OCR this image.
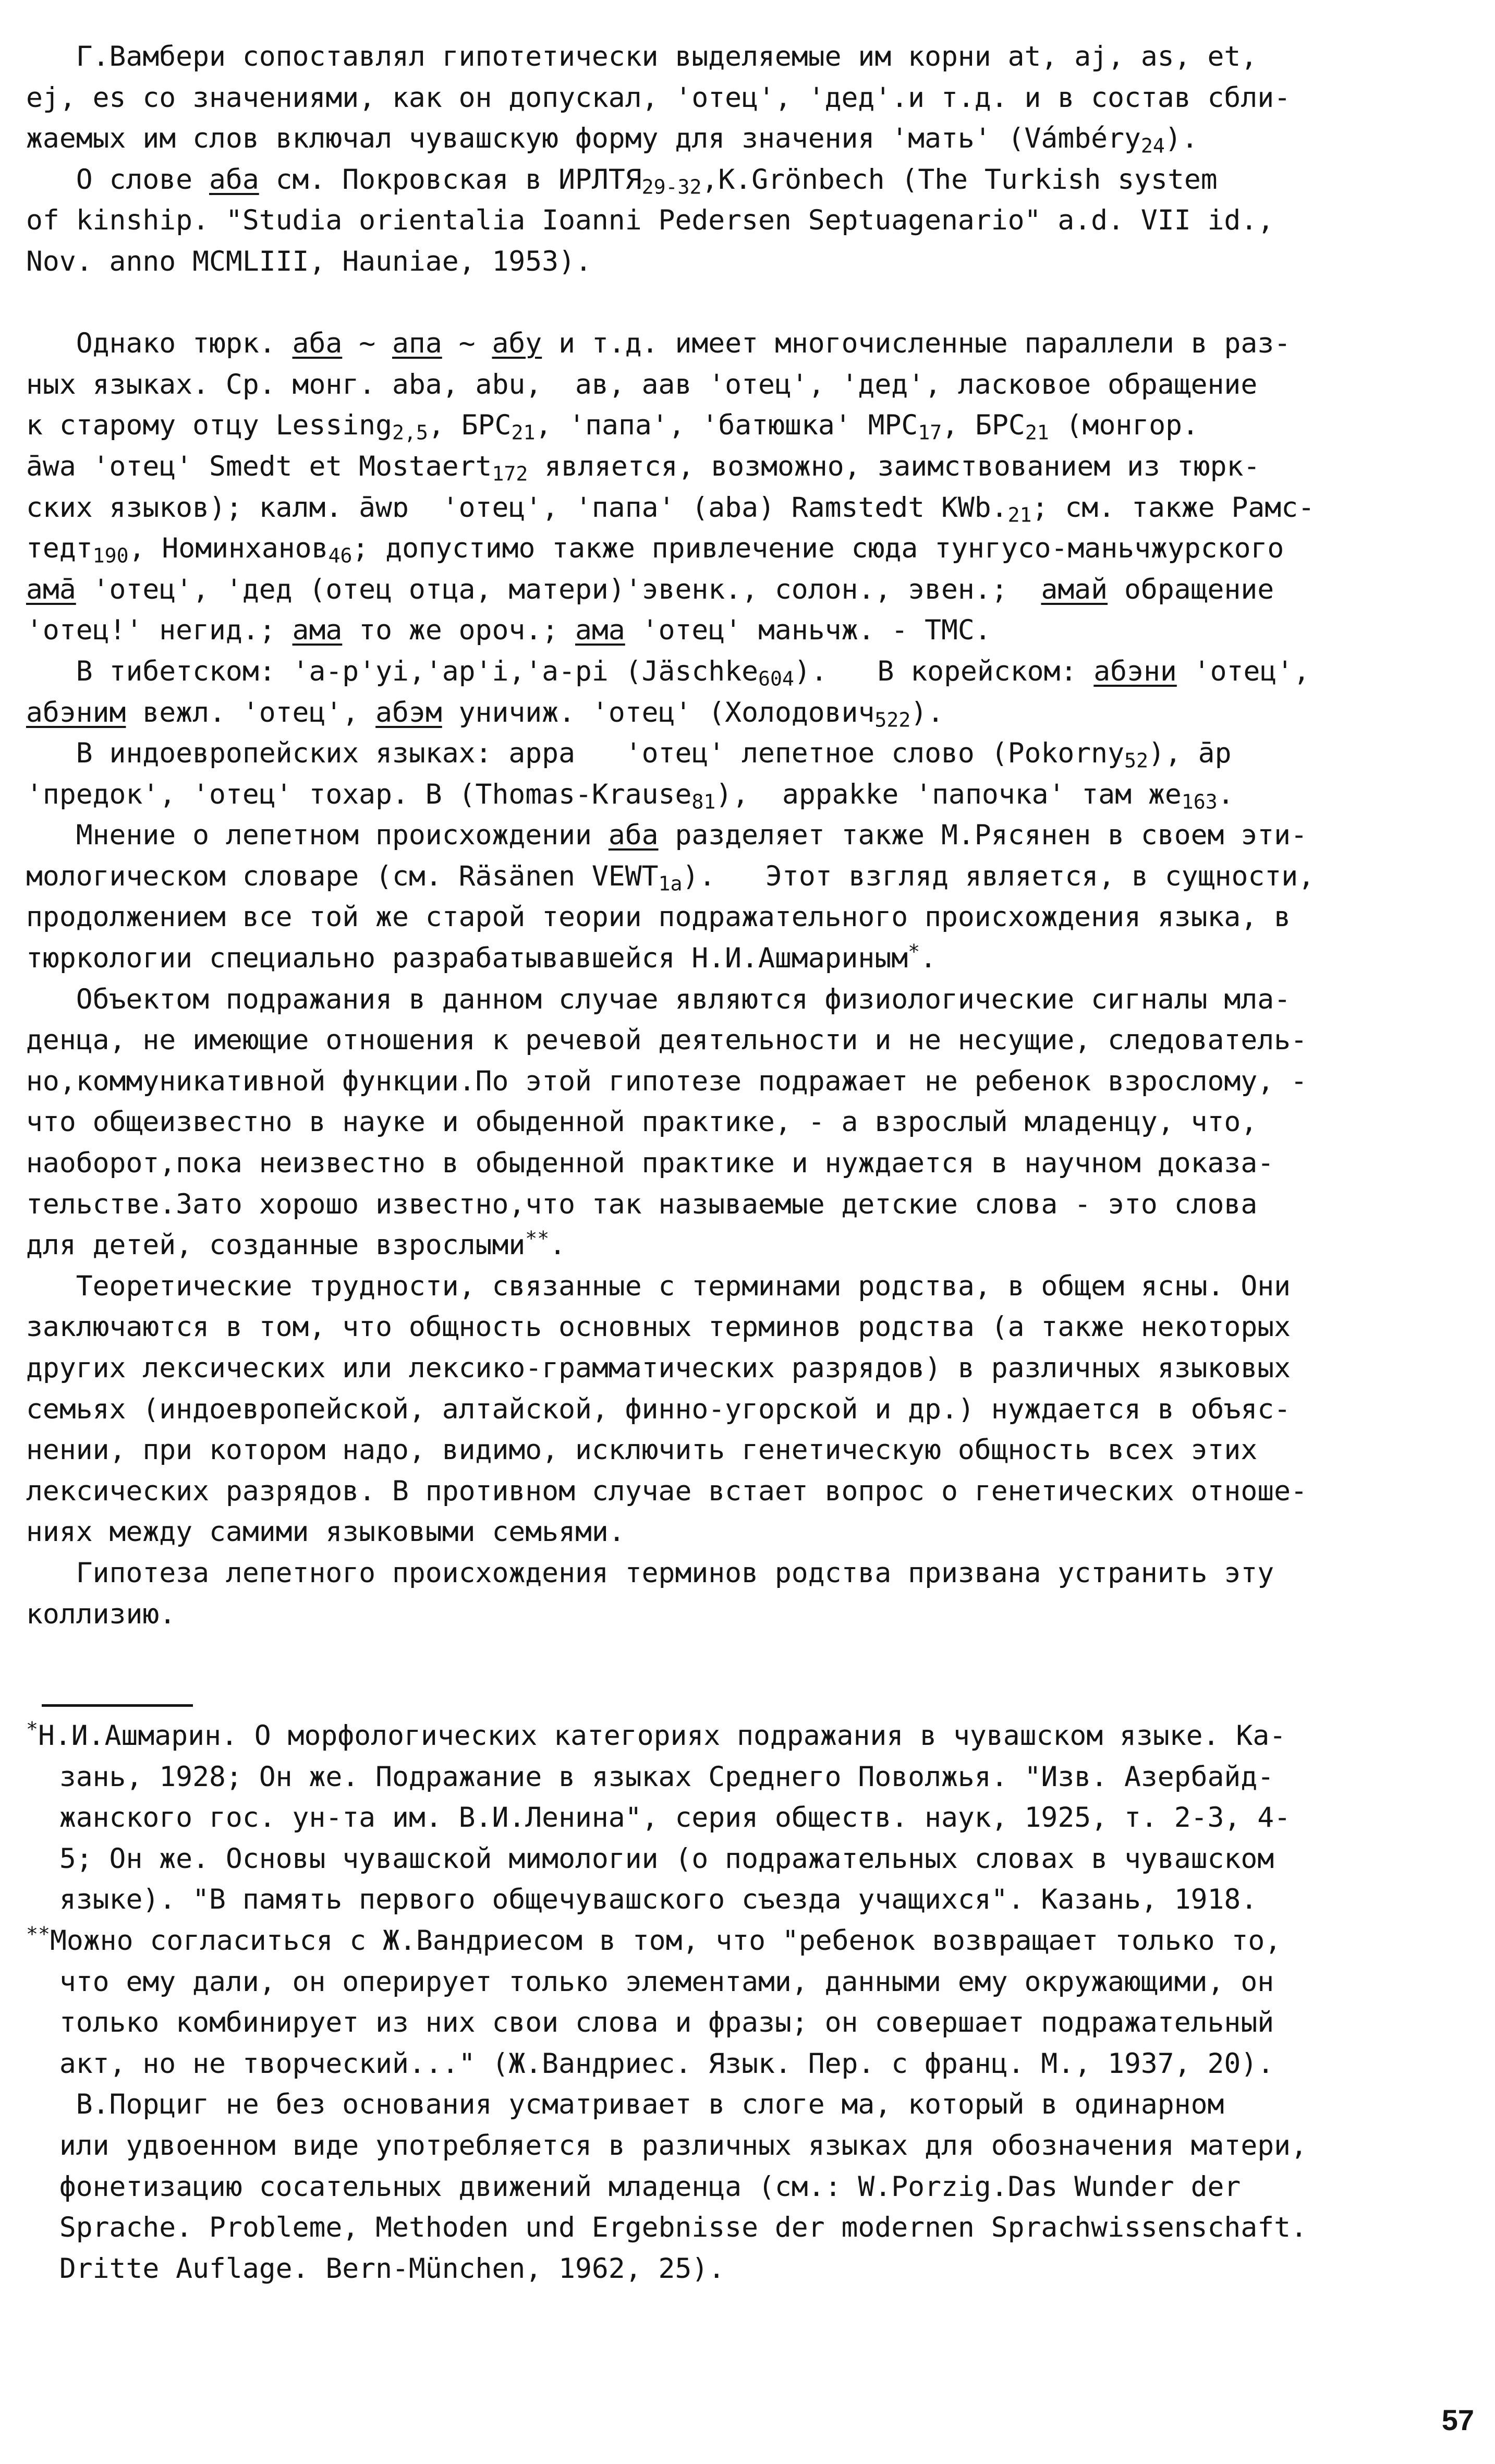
Г.Вамбери сопоставлял гипотетически выделяемые им корни at, aj, as, et,

ej, es со значениями, как он допускал, 'отец', 'дед'.и т.д. и в состав сбли-

жаемых им слов включал чувашскую форму для значения 'мать' (Vámbéry$_{24}$).

О слове аба см. Покровская в $ИРЛТЯ_{29-32},K.Grönbech$ (The Turkish system

of kinship. "Studia orientalia Ioanni Pedersen Septuagenario" a.d. VII id.,

Nov. anno MCMLIII, Hauniae, 1953).

Однако тюрк. аба ~ апа ~ абу и т.д. имеет многочисленные параллели в раз-

ных языках. Ср. монг. aba, abu,  ав, аав 'отец', 'дед', ласковое обращение

к старому отцу Lessing$_{2,5}$, $БРС_{21}$, 'папа', 'батюшка' $МРС_{17}$, $БРС_{21}$ (монгор.

āwa 'отец' Smedt et Mostaert$_{172}$ является, возможно, заимствованием из тюрк-

ских языков); калм. āwɒ  'отец', 'папа' (aba) Ramstedt $KWb._{21}$; см. также Рамс-

тедт$_{190}$, Номинханов$_{46}$; допустимо также привлечение сюда тунгусо-маньчжурского

амā 'отец', 'дед (отец отца, матери)'эвенк., солон., эвен.;  амай обращение

'отец!' негид.; ама то же ороч.; ама 'отец' маньчж. - ТМС.

В тибетском: 'a-p'yi,'ap'i,'a-pi (Jäschke$_{604}$).   В корейском: абэни 'отец',

абэним вежл. 'отец', абэм уничиж. 'отец' (Холодович$_{522}$).

В индоевропейских языках: appa   'отец' лепетное слово (Pokorny$_{52}$), āp

'предок', 'отец' тохар. В (Thomas-Krause$_{81}$),  appakke 'папочка' там $же_{163}$.

Мнение о лепетном происхождении аба разделяет также М.Рясянен в своем эти-

мологическом словаре (см. Räsänen $VEWT_{1a}$).   Этот взгляд является, в сущности,

продолжением все той же старой теории подражательного происхождения языка, в

тюркологии специально разрабатывавшейся Н.И.Ашмариным*.

Объектом подражания в данном случае являются физиологические сигналы мла-

денца, не имеющие отношения к речевой деятельности и не несущие, следователь-

но,коммуникативной функции.По этой гипотезе подражает не ребенок взрослому, -

что общеизвестно в науке и обыденной практике, - а взрослый младенцу, что,

наоборот,пока неизвестно в обыденной практике и нуждается в научном доказа-

тельстве.Зато хорошо известно,что так называемые детские слова - это слова

для детей, созданные взрослыми**.

Теоретические трудности, связанные с терминами родства, в общем ясны. Они

заключаются в том, что общность основных терминов родства (а также некоторых

других лексических или лексико-грамматических разрядов) в различных языковых

семьях (индоевропейской, алтайской, финно-угорской и др.) нуждается в объяс-

нении, при котором надо, видимо, исключить генетическую общность всех этих

лексических разрядов. В противном случае встает вопрос о генетических отноше-

ниях между самими языковыми семьями.

Гипотеза лепетного происхождения терминов родства призвана устранить эту

коллизию.

*Н.И.Ашмарин. О морфологических категориях подражания в чувашском языке. Ка-

зань, 1928; Он же. Подражание в языках Среднего Поволжья. "Изв. Азербайд-

жанского гос. ун-та им. В.И.Ленина", серия обществ. наук, 1925, т. 2-3, 4-

5; Он же. Основы чувашской мимологии (о подражательных словах в чувашском

языке). "В память первого общечувашского съезда учащихся". Казань, 1918.

**Можно согласиться с Ж.Вандриесом в том, что "ребенок возвращает только то,

что ему дали, он оперирует только элементами, данными ему окружающими, он

только комбинирует из них свои слова и фразы; он совершает подражательный

акт, но не творческий..." (Ж.Вандриес. Язык. Пер. с франц. М., 1937, 20).

В.Порциг не без основания усматривает в слоге ма, который в одинарном

или удвоенном виде употребляется в различных языках для обозначения матери,

фонетизацию сосательных движений младенца (см.: W.Porzig.Das Wunder der

Sprache. Probleme, Methoden und Ergebnisse der modernen Sprachwissenschaft.

Dritte Auflage. Bern-München, 1962, 25).

57
